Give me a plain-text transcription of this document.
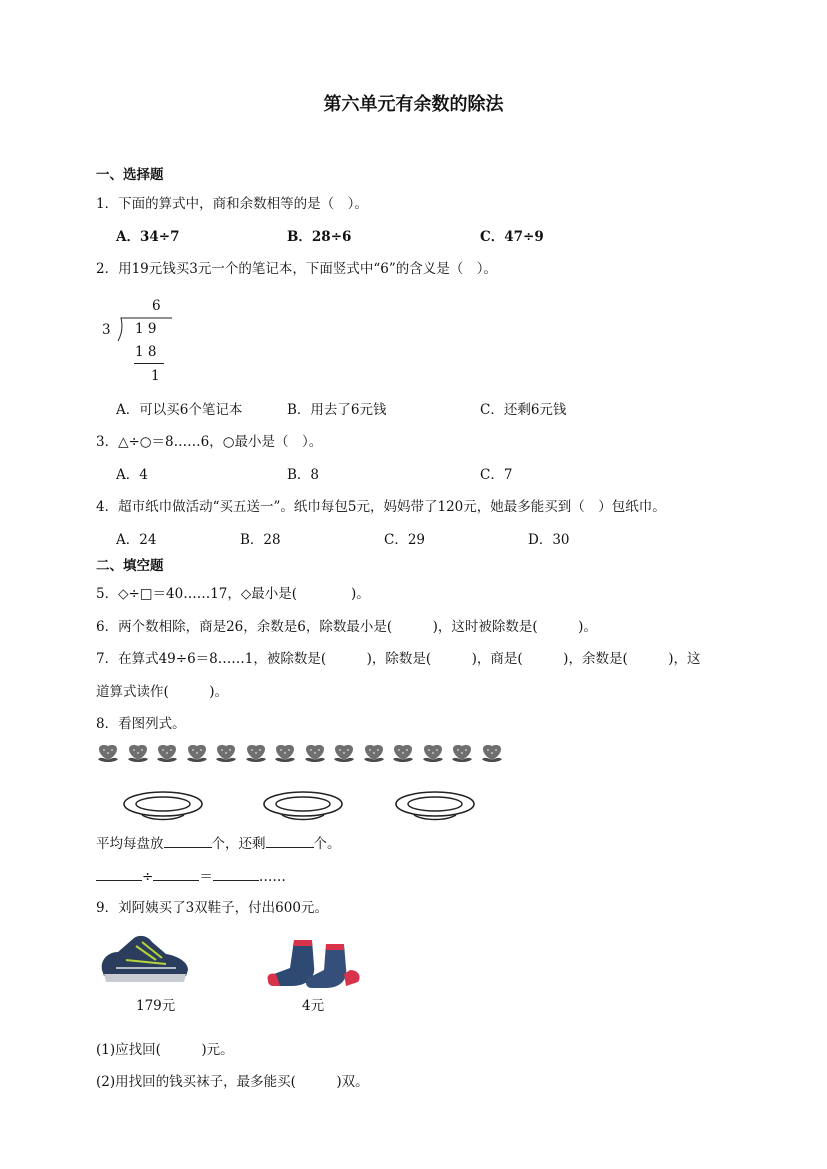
第六单元有余数的除法
一、选择题
1．下面的算式中，商和余数相等的是（　）。
A．34÷7	B．28÷6	C．47÷9
2．用19元钱买3元一个的笔记本，下面竖式中“6”的含义是（　）。
6
3 1 9
1 8
1
A．可以买6个笔记本	B．用去了6元钱	C．还剩6元钱
3．△÷○＝8……6，○最小是（　）。
A．4	B．8	C．7
4．超市纸巾做活动“买五送一”。纸巾每包5元，妈妈带了120元，她最多能买到（　）包纸巾。
A．24	B．28	C．29	D．30
二、填空题
5．◇÷□＝40……17，◇最小是(　　　　)。
6．两个数相除，商是26，余数是6，除数最小是(　　　)，这时被除数是(　　　)。
7．在算式49÷6＝8……1，被除数是(　　　)，除数是(　　　)，商是(　　　)，余数是(　　　)，这
道算式读作(　　　)。
8．看图列式。
平均每盘放	个，还剩	个。
÷	＝	……
9．刘阿姨买了3双鞋子，付出600元。
179元	4元
(1)应找回(　　　)元。
(2)用找回的钱买袜子，最多能买(　　　)双。
